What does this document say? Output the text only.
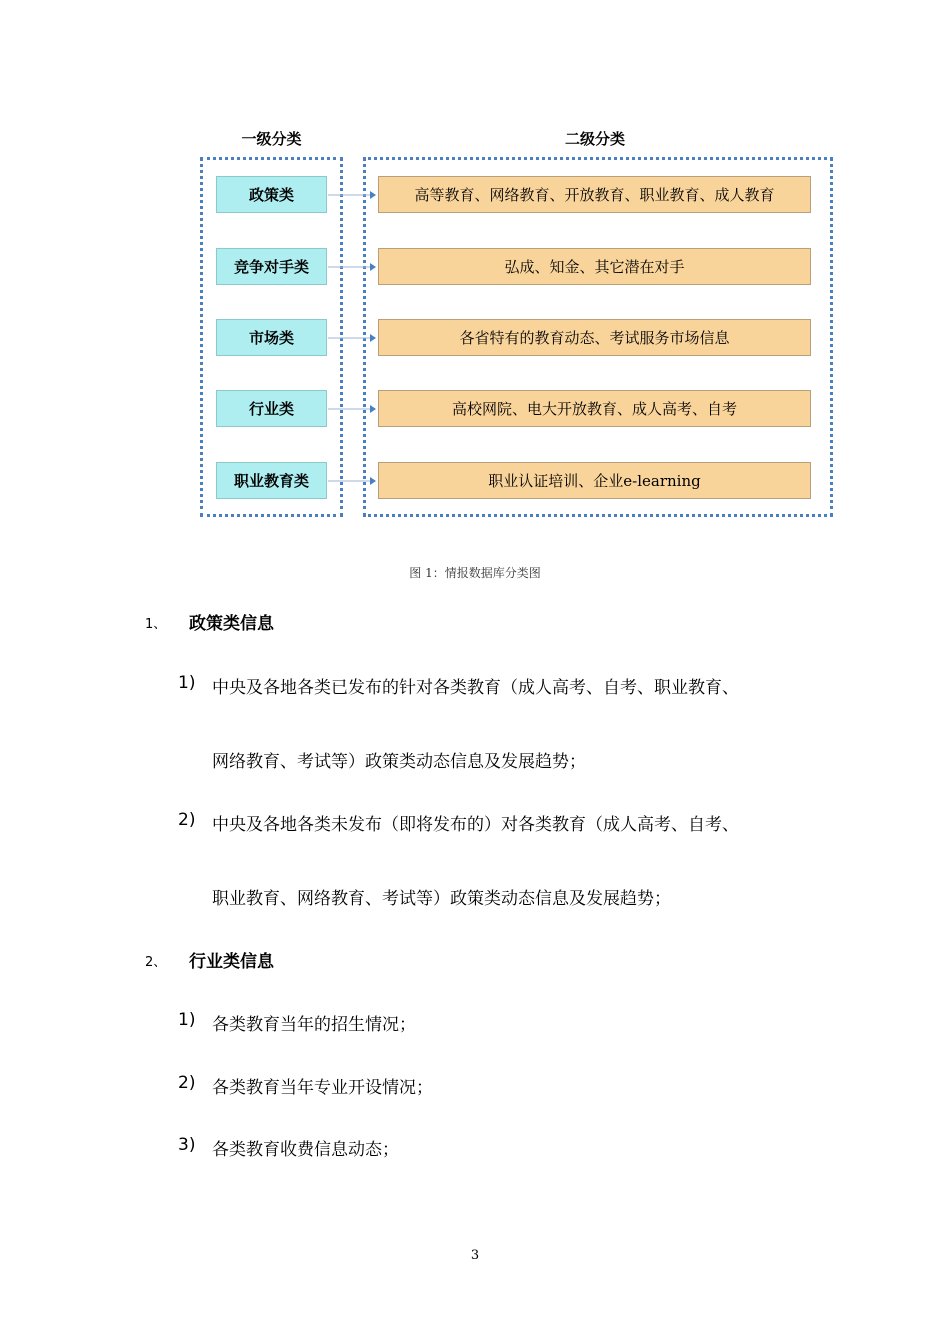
一级分类	二级分类
政策类	高等教育、网络教育、开放教育、职业教育、成人教育
竞争对手类	弘成、知金、其它潜在对手
市场类	各省特有的教育动态、考试服务市场信息
行业类	高校网院、电大开放教育、成人高考、自考
职业教育类	职业认证培训、企业e-learning
图 1：情报数据库分类图
1、 政策类信息
1) 中央及各地各类已发布的针对各类教育（成人高考、自考、职业教育、
网络教育、考试等）政策类动态信息及发展趋势；
2) 中央及各地各类未发布（即将发布的）对各类教育（成人高考、自考、
职业教育、网络教育、考试等）政策类动态信息及发展趋势；
2、 行业类信息
1) 各类教育当年的招生情况；
2) 各类教育当年专业开设情况；
3) 各类教育收费信息动态；
3
